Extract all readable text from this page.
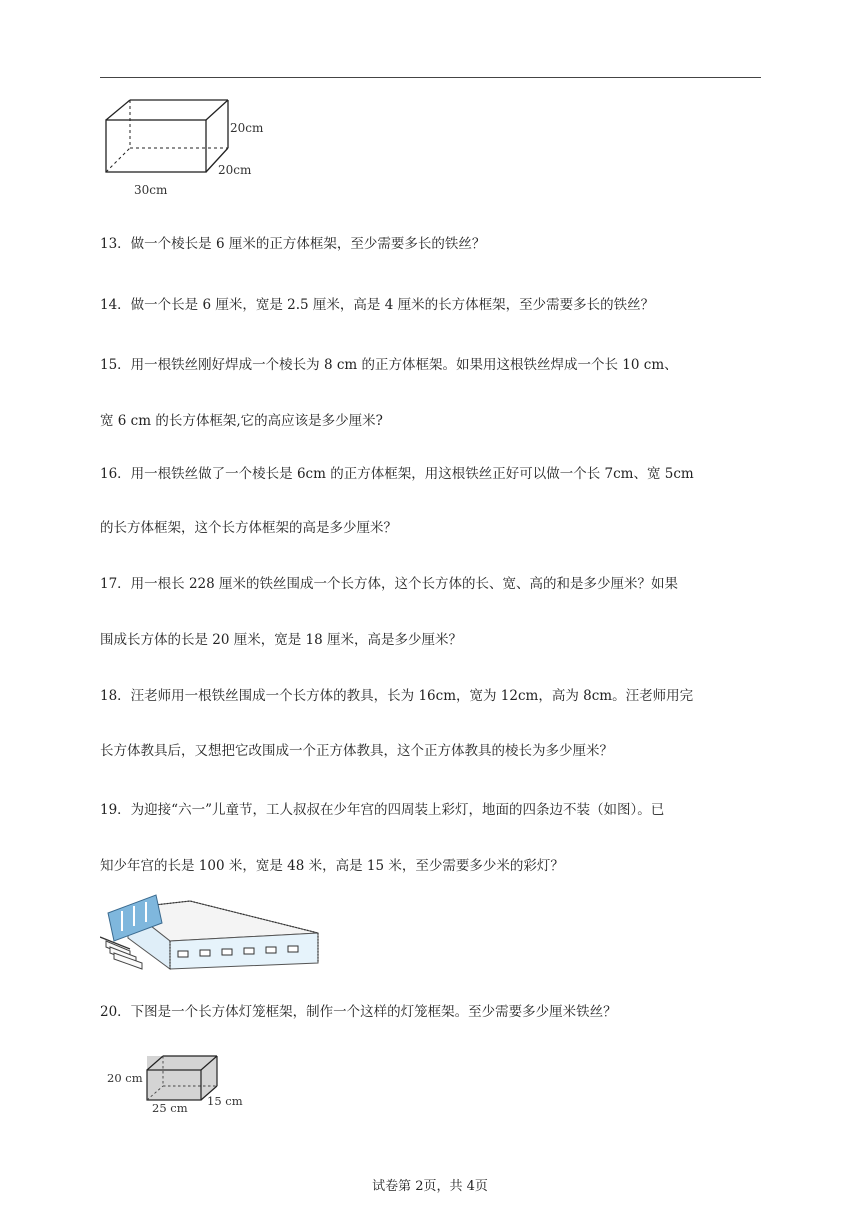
20cm
20cm
30cm
13．做一个棱长是 6 厘米的正方体框架，至少需要多长的铁丝？
14．做一个长是 6 厘米，宽是 2.5 厘米，高是 4 厘米的长方体框架，至少需要多长的铁丝？
15．用一根铁丝刚好焊成一个棱长为 8 cm 的正方体框架。如果用这根铁丝焊成一个长 10 cm、
宽 6 cm 的长方体框架,它的高应该是多少厘米?
16．用一根铁丝做了一个棱长是 6cm 的正方体框架，用这根铁丝正好可以做一个长 7cm、宽 5cm
的长方体框架，这个长方体框架的高是多少厘米？
17．用一根长 228 厘米的铁丝围成一个长方体，这个长方体的长、宽、高的和是多少厘米？如果
围成长方体的长是 20 厘米，宽是 18 厘米，高是多少厘米？
18．汪老师用一根铁丝围成一个长方体的教具，长为 16cm，宽为 12cm，高为 8cm。汪老师用完
长方体教具后，又想把它改围成一个正方体教具，这个正方体教具的棱长为多少厘米？
19．为迎接“六一”儿童节，工人叔叔在少年宫的四周装上彩灯，地面的四条边不装（如图）。已
知少年宫的长是 100 米，宽是 48 米，高是 15 米，至少需要多少米的彩灯？
20．下图是一个长方体灯笼框架，制作一个这样的灯笼框架。至少需要多少厘米铁丝？
20 cm
25 cm 15 cm
试卷第 2页，共 4页
